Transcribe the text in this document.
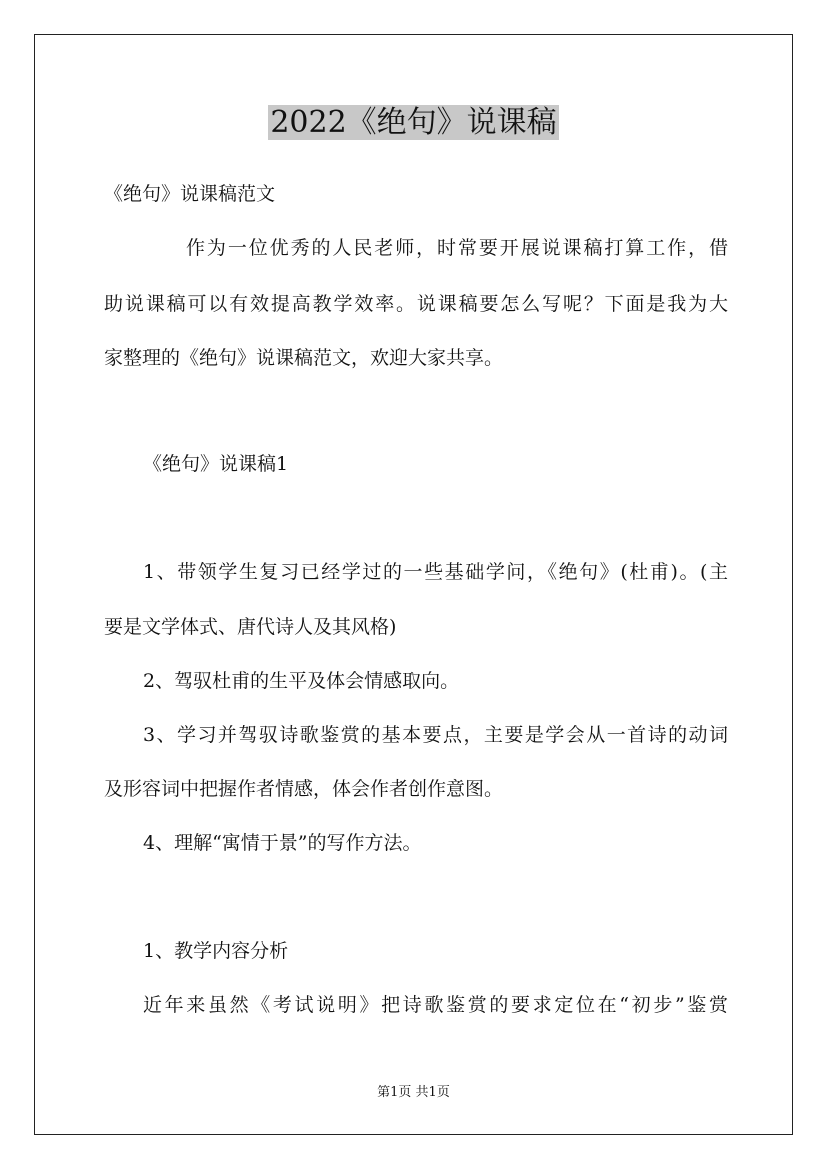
2022《绝句》说课稿

《绝句》说课稿范文

作为一位优秀的人民老师，时常要开展说课稿打算工作，借

助说课稿可以有效提高教学效率。说课稿要怎么写呢？下面是我为大

家整理的《绝句》说课稿范文，欢迎大家共享。

《绝句》说课稿1

1、带领学生复习已经学过的一些基础学问，《绝句》(杜甫)。(主

要是文学体式、唐代诗人及其风格)

2、驾驭杜甫的生平及体会情感取向。

3、学习并驾驭诗歌鉴赏的基本要点，主要是学会从一首诗的动词

及形容词中把握作者情感，体会作者创作意图。

4、理解“寓情于景”的写作方法。

1、教学内容分析

近年来虽然《考试说明》把诗歌鉴赏的要求定位在“初步”鉴赏

第1页 共1页
